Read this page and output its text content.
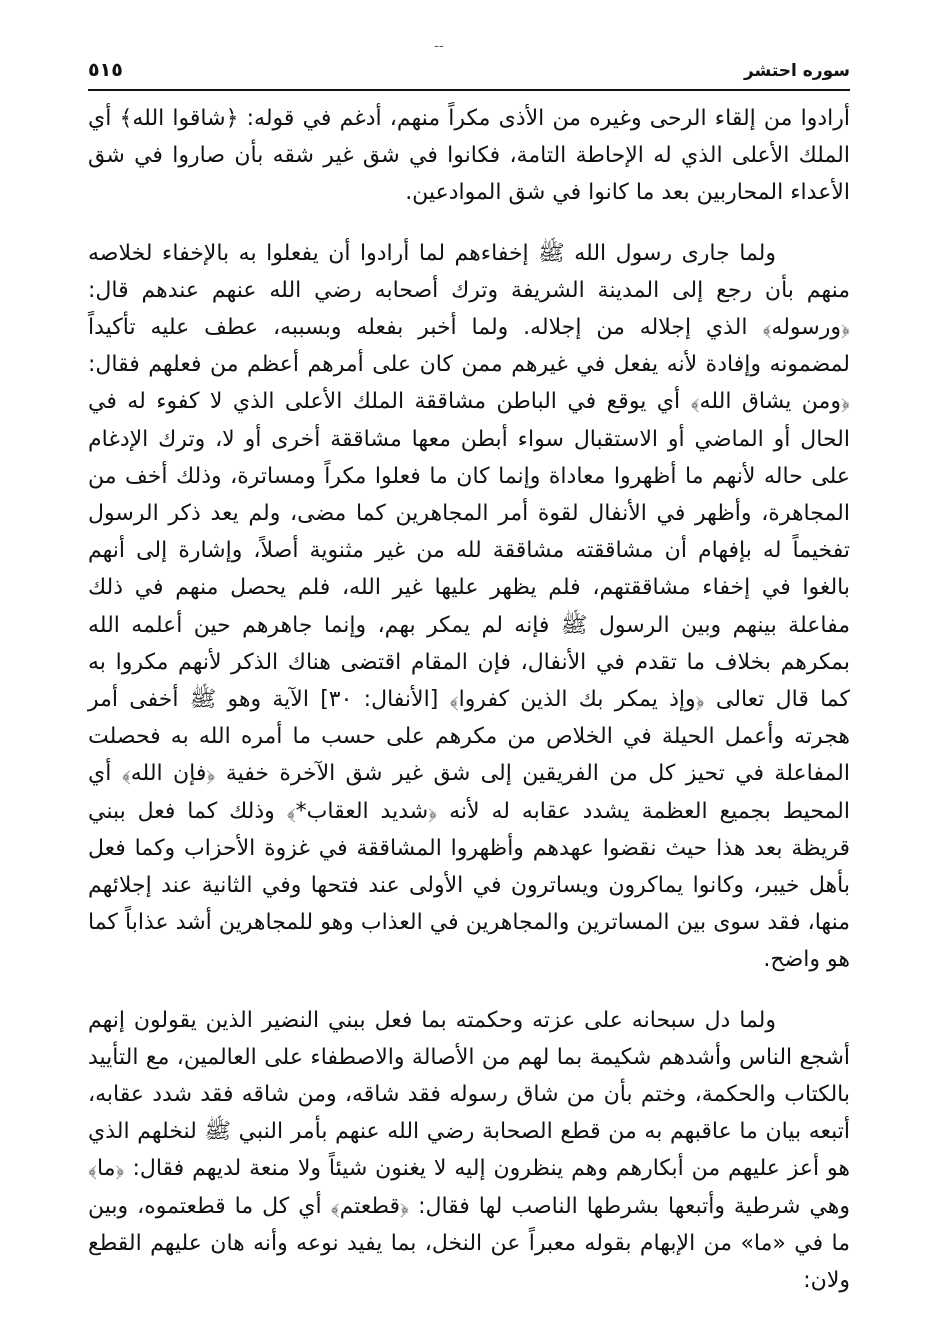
--
سوره احتشر
٥١٥

أرادوا من إلقاء الرحى وغيره من الأذى مكراً منهم، أدغم في قوله: ﴿شاقوا الله﴾ أي الملك الأعلى الذي له الإحاطة التامة، فكانوا في شق غير شقه بأن صاروا في شق الأعداء المحاربين بعد ما كانوا في شق الموادعين.

ولما جارى رسول الله ﷺ إخفاءهم لما أرادوا أن يفعلوا به بالإخفاء لخلاصه منهم بأن رجع إلى المدينة الشريفة وترك أصحابه رضي الله عنهم عندهم قال: ﴿ورسوله﴾ الذي إجلاله من إجلاله. ولما أخبر بفعله وبسببه، عطف عليه تأكيداً لمضمونه وإفادة لأنه يفعل في غيرهم ممن كان على أمرهم أعظم من فعلهم فقال: ﴿ومن يشاق الله﴾ أي يوقع في الباطن مشاققة الملك الأعلى الذي لا كفوء له في الحال أو الماضي أو الاستقبال سواء أبطن معها مشاققة أخرى أو لا، وترك الإدغام على حاله لأنهم ما أظهروا معاداة وإنما كان ما فعلوا مكراً ومساترة، وذلك أخف من المجاهرة، وأظهر في الأنفال لقوة أمر المجاهرين كما مضى، ولم يعد ذكر الرسول تفخيماً له بإفهام أن مشاققته مشاققة لله من غير مثنوية أصلاً، وإشارة إلى أنهم بالغوا في إخفاء مشاققتهم، فلم يظهر عليها غير الله، فلم يحصل منهم في ذلك مفاعلة بينهم وبين الرسول ﷺ فإنه لم يمكر بهم، وإنما جاهرهم حين أعلمه الله بمكرهم بخلاف ما تقدم في الأنفال، فإن المقام اقتضى هناك الذكر لأنهم مكروا به كما قال تعالى ﴿وإذ يمكر بك الذين كفروا﴾ [الأنفال: ٣٠] الآية وهو ﷺ أخفى أمر هجرته وأعمل الحيلة في الخلاص من مكرهم على حسب ما أمره الله به فحصلت المفاعلة في تحيز كل من الفريقين إلى شق غير شق الآخرة خفية ﴿فإن الله﴾ أي المحيط بجميع العظمة يشدد عقابه له لأنه ﴿شديد العقاب*﴾ وذلك كما فعل ببني قريظة بعد هذا حيث نقضوا عهدهم وأظهروا المشاققة في غزوة الأحزاب وكما فعل بأهل خيبر، وكانوا يماكرون ويساترون في الأولى عند فتحها وفي الثانية عند إجلائهم منها، فقد سوى بين المساترين والمجاهرين في العذاب وهو للمجاهرين أشد عذاباً كما هو واضح.

ولما دل سبحانه على عزته وحكمته بما فعل ببني النضير الذين يقولون إنهم أشجع الناس وأشدهم شكيمة بما لهم من الأصالة والاصطفاء على العالمين، مع التأييد بالكتاب والحكمة، وختم بأن من شاق رسوله فقد شاقه، ومن شاقه فقد شدد عقابه، أتبعه بيان ما عاقبهم به من قطع الصحابة رضي الله عنهم بأمر النبي ﷺ لنخلهم الذي هو أعز عليهم من أبكارهم وهم ينظرون إليه لا يغنون شيئاً ولا منعة لديهم فقال: ﴿ما﴾ وهي شرطية وأتبعها بشرطها الناصب لها فقال: ﴿قطعتم﴾ أي كل ما قطعتموه، وبين ما في «ما» من الإبهام بقوله معبراً عن النخل، بما يفيد نوعه وأنه هان عليهم القطع ولان:
